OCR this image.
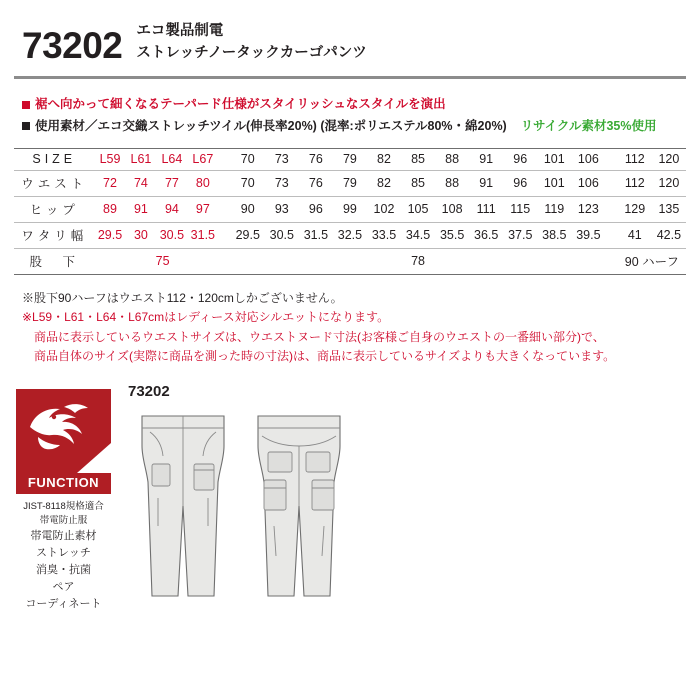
73202 エコ製品制電
ストレッチノータックカーゴパンツ
裾へ向かって細くなるテーパード仕様がスタイリッシュなスタイルを演出
使用素材／エコ交織ストレッチツイル(伸長率20%) (混率:ポリエステル80%・綿20%) リサイクル素材35%使用
SIZE	L59	L61	L64	L67		70	73	76	79	82	85	88	91	96	101	106		112	120
ウエスト	72	74	77	80		70	73	76	79	82	85	88	91	96	101	106		112	120
ヒップ	89	91	94	97		90	93	96	99	102	105	108	111	115	119	123		129	135
ワタリ幅	29.5	30	30.5	31.5		29.5	30.5	31.5	32.5	33.5	34.5	35.5	36.5	37.5	38.5	39.5		41	42.5
股　下	75					78												90 ハーフ	
※股下90ハーフはウエスト112・120cmしかございません。
※L59・L61・L64・L67cmはレディース対応シルエットになります。
商品に表示しているウエストサイズは、ウエストヌード寸法(お客様ご自身のウエストの一番細い部分)で、
商品自体のサイズ(実際に商品を測った時の寸法)は、商品に表示しているサイズよりも大きくなっています。
FUNCTION
JIST-8118規格適合
帯電防止服
帯電防止素材
ストレッチ
消臭・抗菌
ペア
コーディネート
73202
